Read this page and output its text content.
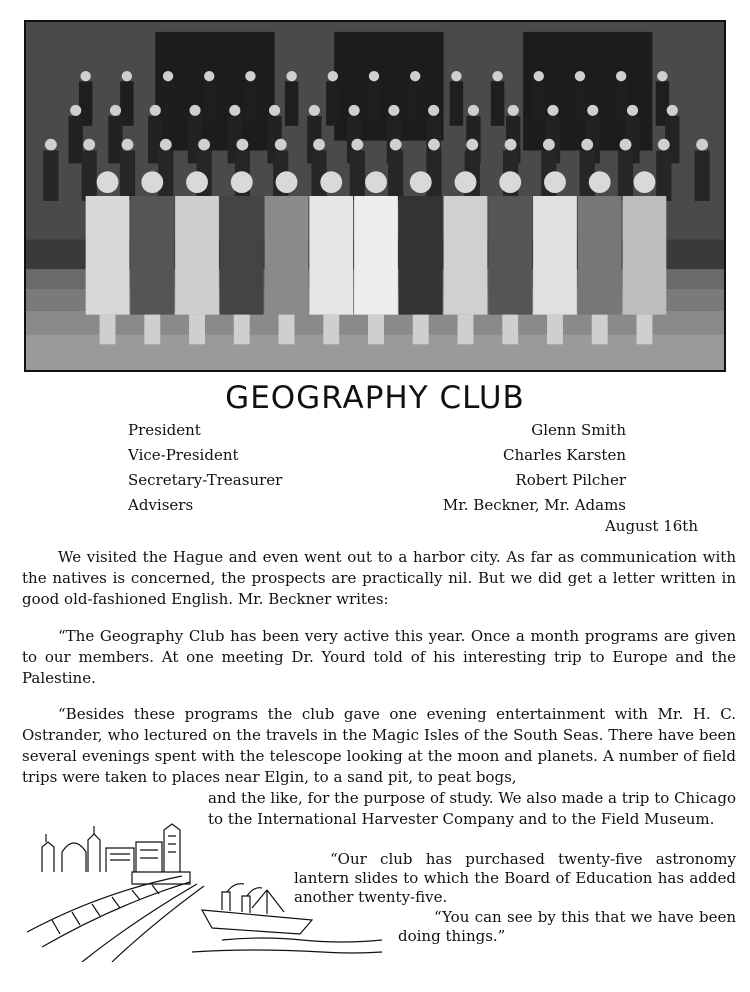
GEOGRAPHY CLUB
President	Glenn Smith
Vice-President	Charles Karsten
Secretary-Treasurer	Robert Pilcher
Advisers	Mr. Beckner, Mr. Adams
August 16th

We visited the Hague and even went out to a harbor city. As far as communication with the natives is concerned, the prospects are practically nil. But we did get a letter written in good old-fashioned English. Mr. Beckner writes:

“The Geography Club has been very active this year. Once a month programs are given to our members. At one meeting Dr. Yourd told of his interesting trip to Europe and the Palestine.

“Besides these programs the club gave one evening entertainment with Mr. H. C. Ostrander, who lectured on the travels in the Magic Isles of the South Seas. There have been several evenings spent with the telescope looking at the moon and planets. A number of field trips were taken to places near Elgin, to a sand pit, to peat bogs,

and the like, for the purpose of study. We also made a trip to Chicago to the International Harvester Company and to the Field Museum.

“Our club has purchased twenty-five astronomy lantern slides to which the Board of Education has added another twenty-five.

“You can see by this that we have been doing things.”
